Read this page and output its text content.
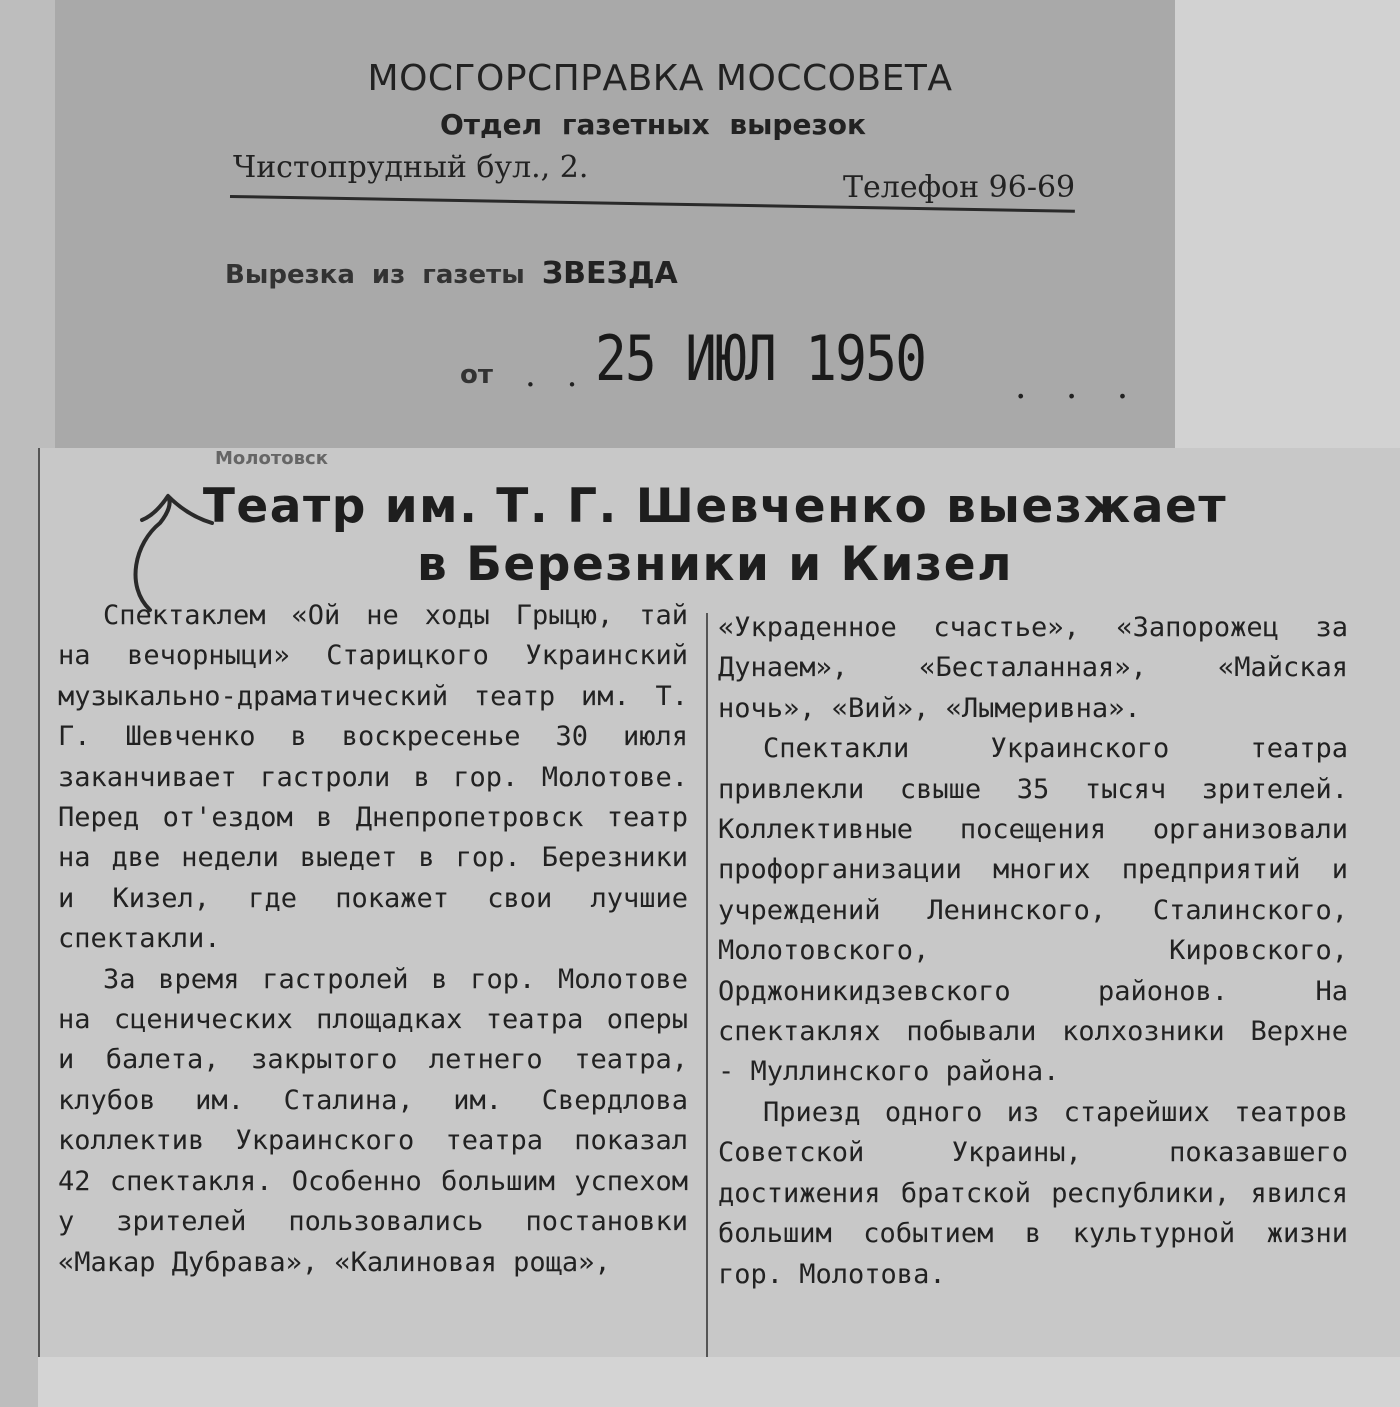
МОСГОРСПРАВКА МОССОВЕТА
Отдел газетных вырезок
Чистопрудный бул., 2.
Телефон 96-69
Вырезка из газеты ЗВЕЗДА
от . . 25 ИЮЛ 1950 . . .
Молотовск
Театр им. Т. Г. Шевченко выезжает
в Березники и Кизел

Спектаклем «Ой не ходы Грыцю, тай на вечорныци» Старицкого Украинский музыкально-драматический театр им. Т. Г. Шевченко в воскресенье 30 июля заканчивает гастроли в гор. Молотове. Перед от'ездом в Днепропетровск театр на две недели выедет в гор. Березники и Кизел, где покажет свои лучшие спектакли.

За время гастролей в гор. Молотове на сценических площадках театра оперы и балета, закрытого летнего театра, клубов им. Сталина, им. Свердлова коллектив Украинского театра показал 42 спектакля. Особенно большим успехом у зрителей пользовались постановки «Макар Дубрава», «Калиновая роща»,

«Украденное счастье», «Запорожец за Дунаем», «Бесталанная», «Майская ночь», «Вий», «Лымеривна».

Спектакли Украинского театра привлекли свыше 35 тысяч зрителей. Коллективные посещения организовали профорганизации многих предприятий и учреждений Ленинского, Сталинского, Молотовского, Кировского, Орджоникидзевского районов. На спектаклях побывали колхозники Верхне - Муллинского района.

Приезд одного из старейших театров Советской Украины, показавшего достижения братской республики, явился большим событием в культурной жизни гор. Молотова.
